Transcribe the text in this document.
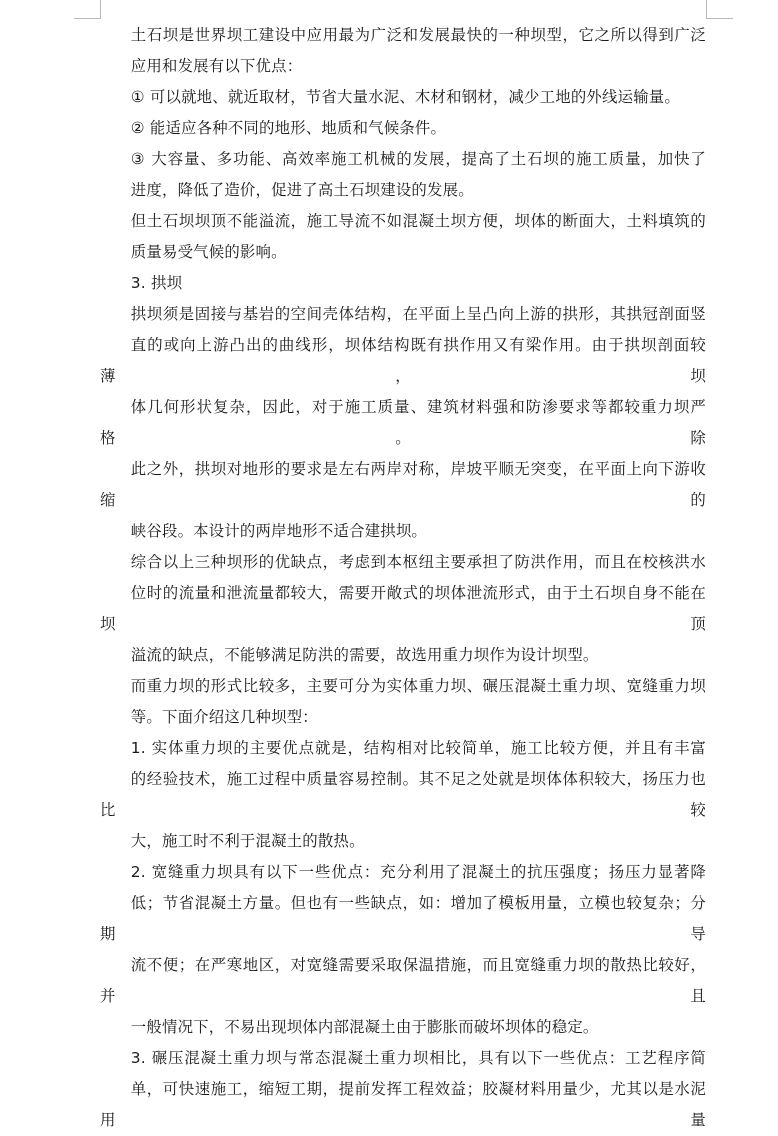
土石坝是世界坝工建设中应用最为广泛和发展最快的一种坝型，它之所以得到广泛
应用和发展有以下优点：

① 可以就地、就近取材，节省大量水泥、木材和钢材，减少工地的外线运输量。

② 能适应各种不同的地形、地质和气候条件。

③ 大容量、多功能、高效率施工机械的发展，提高了土石坝的施工质量，加快了
进度，降低了造价，促进了高土石坝建设的发展。

但土石坝坝顶不能溢流，施工导流不如混凝土坝方便，坝体的断面大，土料填筑的
质量易受气候的影响。

3. 拱坝

拱坝须是固接与基岩的空间壳体结构，在平面上呈凸向上游的拱形，其拱冠剖面竖
直的或向上游凸出的曲线形，坝体结构既有拱作用又有梁作用。由于拱坝剖面较薄，坝
体几何形状复杂，因此，对于施工质量、建筑材料强和防渗要求等都较重力坝严格。除
此之外，拱坝对地形的要求是左右两岸对称，岸坡平顺无突变，在平面上向下游收缩的
峡谷段。本设计的两岸地形不适合建拱坝。

综合以上三种坝形的优缺点，考虑到本枢纽主要承担了防洪作用，而且在校核洪水
位时的流量和泄流量都较大，需要开敞式的坝体泄流形式，由于土石坝自身不能在坝顶
溢流的缺点，不能够满足防洪的需要，故选用重力坝作为设计坝型。

而重力坝的形式比较多，主要可分为实体重力坝、碾压混凝土重力坝、宽缝重力坝
等。下面介绍这几种坝型：

1. 实体重力坝的主要优点就是，结构相对比较简单，施工比较方便，并且有丰富
的经验技术，施工过程中质量容易控制。其不足之处就是坝体体积较大，扬压力也比较
大，施工时不利于混凝土的散热。

2. 宽缝重力坝具有以下一些优点：充分利用了混凝土的抗压强度；扬压力显著降
低；节省混凝土方量。但也有一些缺点，如：增加了模板用量，立模也较复杂；分期导
流不便；在严寒地区，对宽缝需要采取保温措施，而且宽缝重力坝的散热比较好，并且
一般情况下，不易出现坝体内部混凝土由于膨胀而破坏坝体的稳定。

3. 碾压混凝土重力坝与常态混凝土重力坝相比，具有以下一些优点：工艺程序简
单，可快速施工，缩短工期，提前发挥工程效益；胶凝材料用量少，尤其以是水泥用量
